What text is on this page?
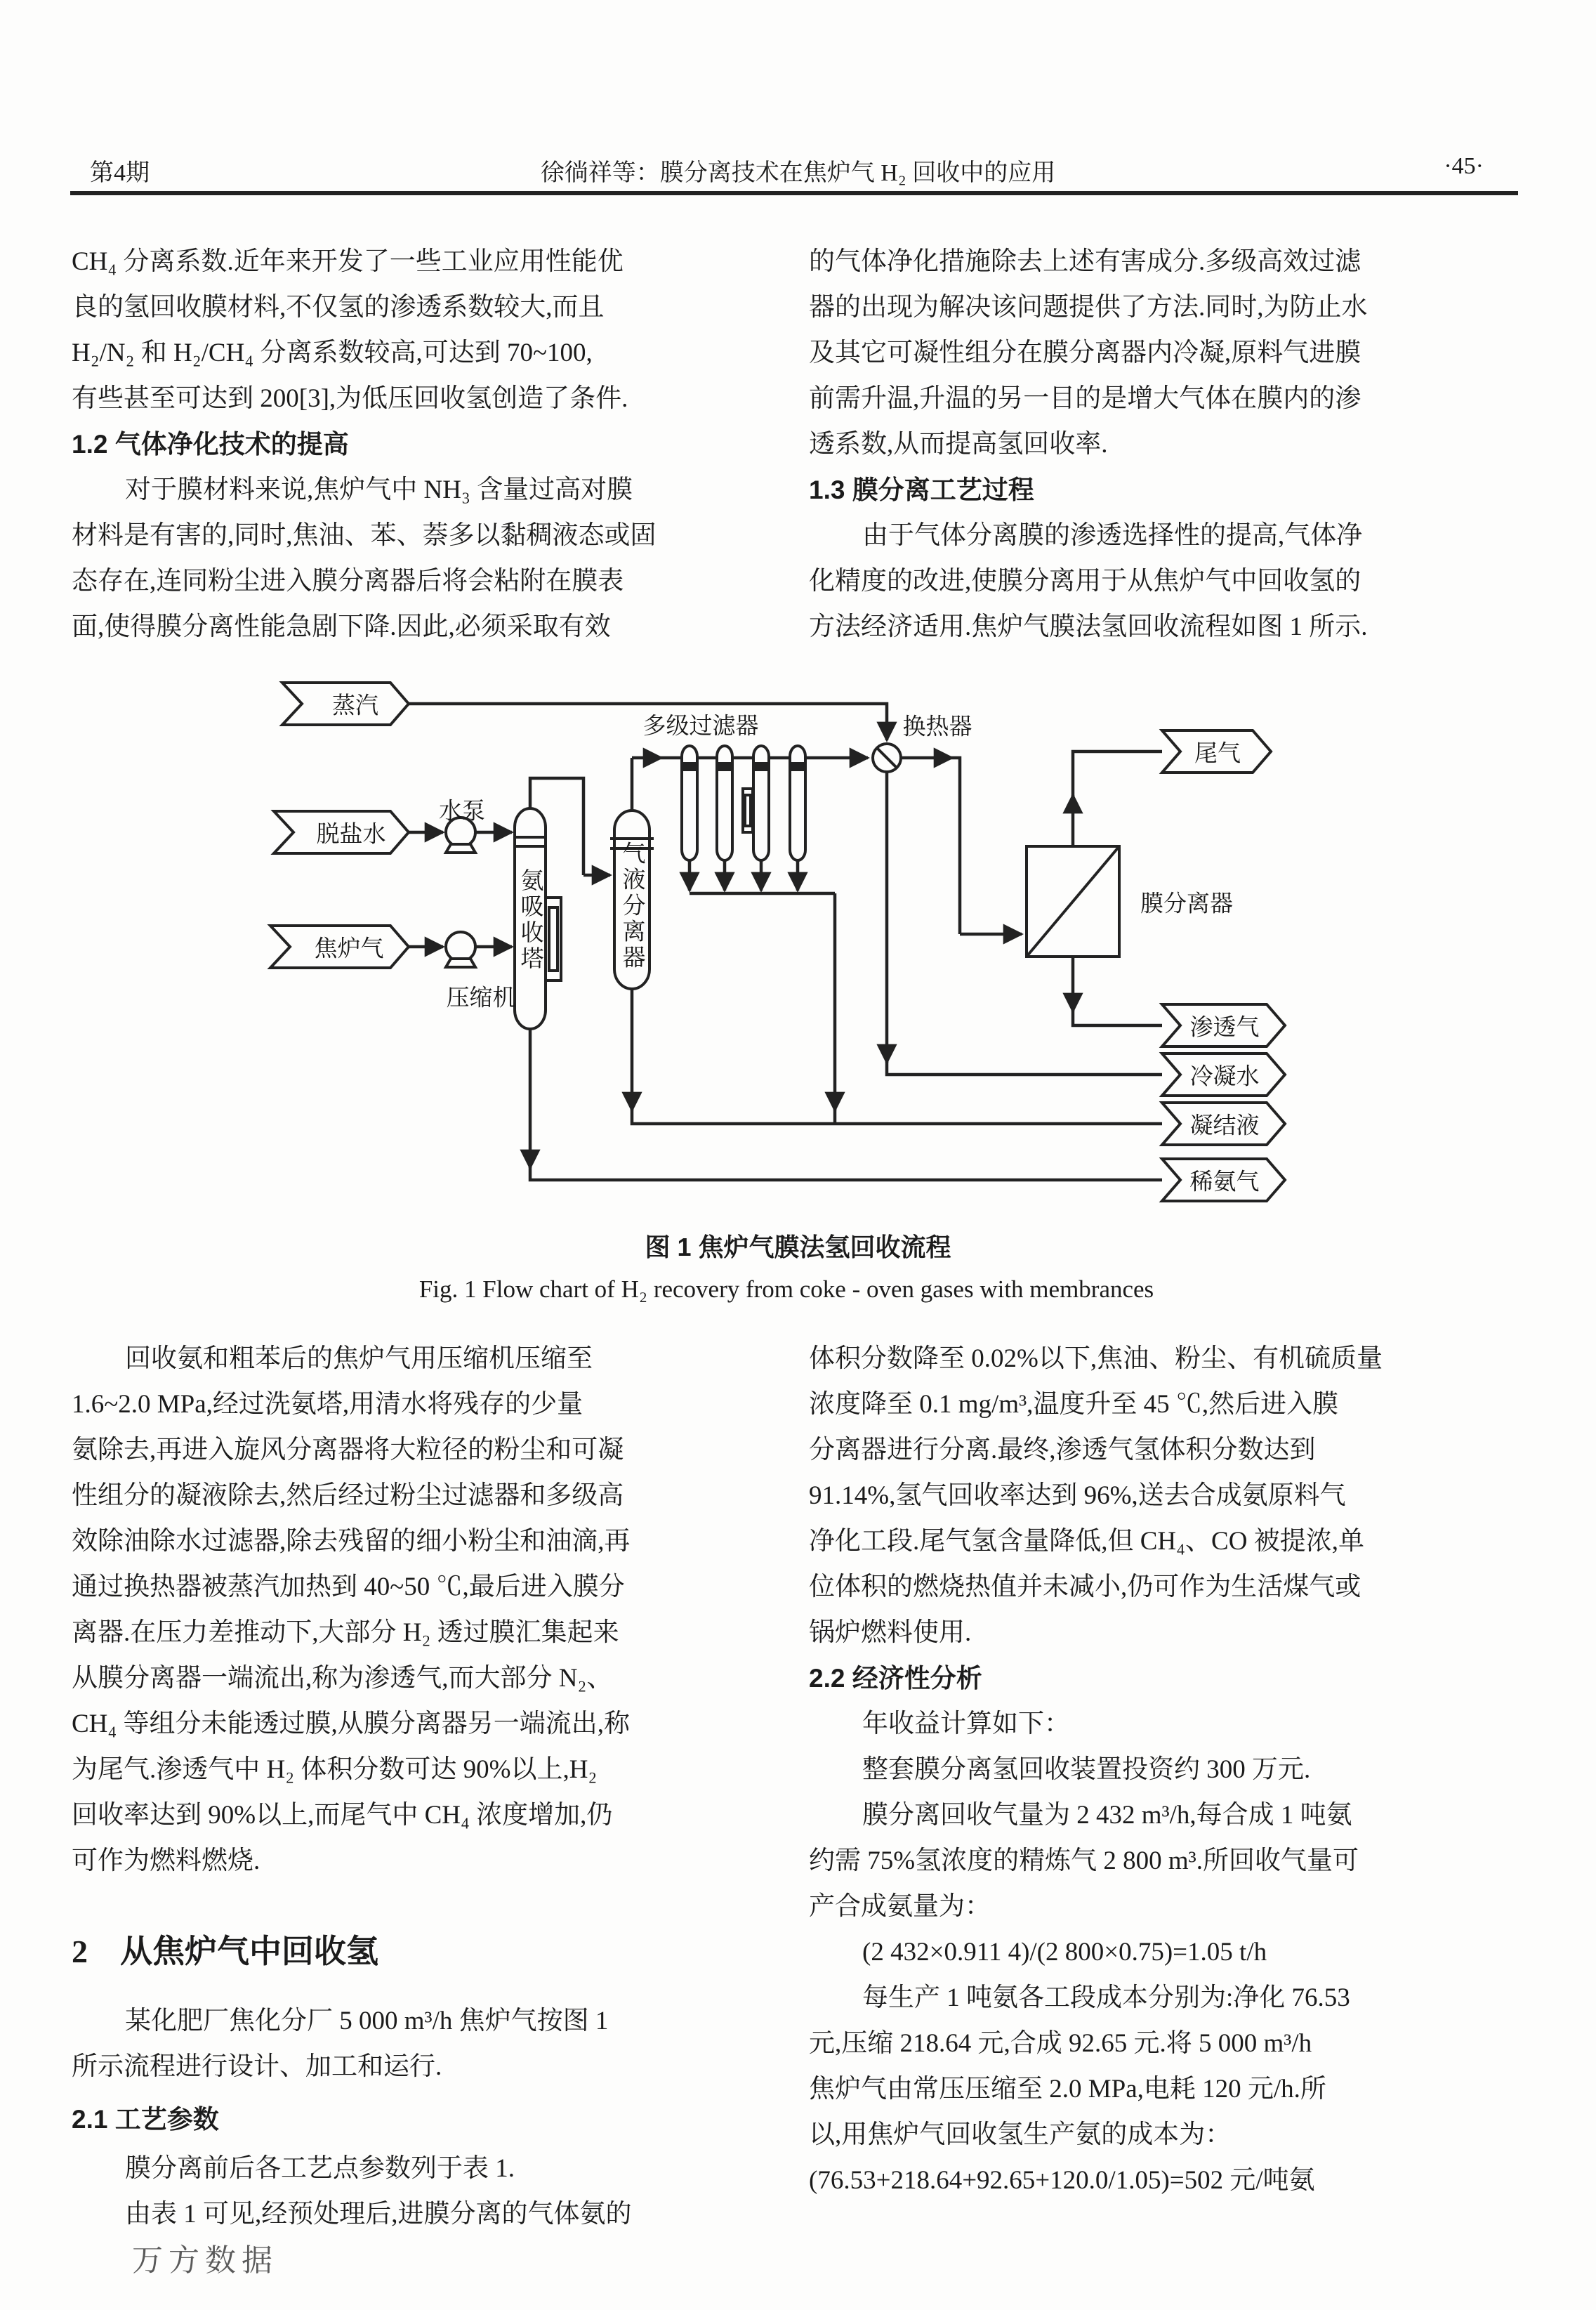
第4期	徐徜祥等：膜分离技术在焦炉气 H₂ 回收中的应用	·45·
CH₄ 分离系数.近年来开发了一些工业应用性能优
良的氢回收膜材料,不仅氢的渗透系数较大,而且
H₂/N₂ 和 H₂/CH₄ 分离系数较高,可达到 70~100,
有些甚至可达到 200[3],为低压回收氢创造了条件.
1.2 气体净化技术的提高
对于膜材料来说,焦炉气中 NH₃ 含量过高对膜
材料是有害的,同时,焦油、苯、萘多以黏稠液态或固
态存在,连同粉尘进入膜分离器后将会粘附在膜表
面,使得膜分离性能急剧下降.因此,必须采取有效
的气体净化措施除去上述有害成分.多级高效过滤
器的出现为解决该问题提供了方法.同时,为防止水
及其它可凝性组分在膜分离器内冷凝,原料气进膜
前需升温,升温的另一目的是增大气体在膜内的渗
透系数,从而提高氢回收率.
1.3 膜分离工艺过程
由于气体分离膜的渗透选择性的提高,气体净
化精度的改进,使膜分离用于从焦炉气中回收氢的
方法经济适用.焦炉气膜法氢回收流程如图 1 所示.
蒸汽
脱盐水
焦炉气
水泵
压缩机
氨吸收塔	气液分离器
多级过滤器	换热器
膜分离器
尾气
渗透气
冷凝水
凝结液
稀氨气
图 1 焦炉气膜法氢回收流程
Fig. 1 Flow chart of H₂ recovery from coke - oven gases with membrances
回收氨和粗苯后的焦炉气用压缩机压缩至
1.6~2.0 MPa,经过洗氨塔,用清水将残存的少量
氨除去,再进入旋风分离器将大粒径的粉尘和可凝
性组分的凝液除去,然后经过粉尘过滤器和多级高
效除油除水过滤器,除去残留的细小粉尘和油滴,再
通过换热器被蒸汽加热到 40~50 ℃,最后进入膜分
离器.在压力差推动下,大部分 H₂ 透过膜汇集起来
从膜分离器一端流出,称为渗透气,而大部分 N₂、
CH₄ 等组分未能透过膜,从膜分离器另一端流出,称
为尾气.渗透气中 H₂ 体积分数可达 90%以上,H₂
回收率达到 90%以上,而尾气中 CH₄ 浓度增加,仍
可作为燃料燃烧.
2 从焦炉气中回收氢
某化肥厂焦化分厂 5 000 m³/h 焦炉气按图 1
所示流程进行设计、加工和运行.
2.1 工艺参数
膜分离前后各工艺点参数列于表 1.
由表 1 可见,经预处理后,进膜分离的气体氨的
体积分数降至 0.02%以下,焦油、粉尘、有机硫质量
浓度降至 0.1 mg/m³,温度升至 45 ℃,然后进入膜
分离器进行分离.最终,渗透气氢体积分数达到
91.14%,氢气回收率达到 96%,送去合成氨原料气
净化工段.尾气氢含量降低,但 CH₄、CO 被提浓,单
位体积的燃烧热值并未减小,仍可作为生活煤气或
锅炉燃料使用.
2.2 经济性分析
年收益计算如下：
整套膜分离氢回收装置投资约 300 万元.
膜分离回收气量为 2 432 m³/h,每合成 1 吨氨
约需 75%氢浓度的精炼气 2 800 m³.所回收气量可
产合成氨量为：
(2 432×0.911 4)/(2 800×0.75)=1.05 t/h
每生产 1 吨氨各工段成本分别为:净化 76.53
元,压缩 218.64 元,合成 92.65 元.将 5 000 m³/h
焦炉气由常压压缩至 2.0 MPa,电耗 120 元/h.所
以,用焦炉气回收氢生产氨的成本为：
(76.53+218.64+92.65+120.0/1.05)=502 元/吨氨
万方数据
